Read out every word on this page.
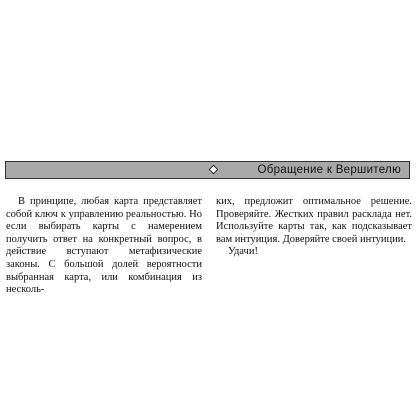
Обращение к Вершителю

В принципе, любая карта представляет собой ключ к управлению реальностью. Но если выбирать карты с намерением получить ответ на конкретный вопрос, в действие вступают метафизические законы. С большой долей вероятности выбранная карта, или комбинация из несколь-

ких, предложит оптимальное решение. Проверяйте. Жестких правил расклада нет. Используйте карты так, как подсказывает вам интуиция. Доверяйте своей интуиции.

Удачи!
